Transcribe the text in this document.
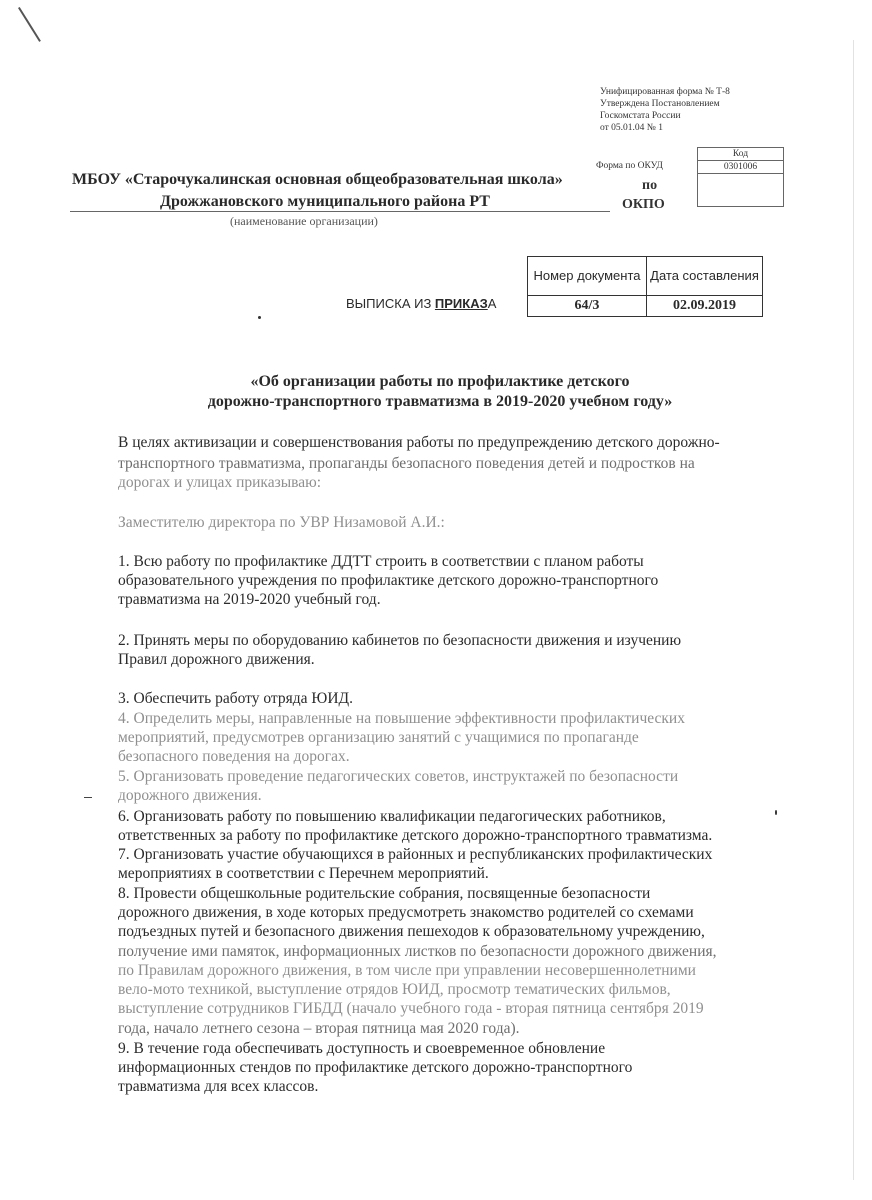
Унифицированная форма № Т-8
Утверждена Постановлением
Госкомстата России
от 05.01.04 № 1
Код
0301006
Форма по ОКУД
по
ОКПО
МБОУ «Старочукалинская основная общеобразовательная школа»
Дрожжановского муниципального района РТ
(наименование организации)
Номер документа	Дата составления
64/3	02.09.2019
ВЫПИСКА ИЗ ПРИКАЗА
«Об организации работы по профилактике детского
дорожно-транспортного травматизма в 2019-2020 учебном году»
В целях активизации и совершенствования работы по предупреждению детского дорожно-
транспортного травматизма, пропаганды безопасного поведения детей и подростков на
дорогах и улицах приказываю:
Заместителю директора по УВР Низамовой А.И.:
1. Всю работу по профилактике ДДТТ строить в соответствии с планом работы
образовательного учреждения по профилактике детского дорожно-транспортного
травматизма на 2019-2020 учебный год.
2. Принять меры по оборудованию кабинетов по безопасности движения и изучению
Правил дорожного движения.
3. Обеспечить работу отряда ЮИД.
4. Определить меры, направленные на повышение эффективности профилактических
мероприятий, предусмотрев организацию занятий с учащимися по пропаганде
безопасного поведения на дорогах.
5. Организовать проведение педагогических советов, инструктажей по безопасности
дорожного движения.
6. Организовать работу по повышению квалификации педагогических работников,
ответственных за работу по профилактике детского дорожно-транспортного травматизма.
7. Организовать участие обучающихся в районных и республиканских профилактических
мероприятиях в соответствии с Перечнем мероприятий.
8. Провести общешкольные родительские собрания, посвященные безопасности
дорожного движения, в ходе которых предусмотреть знакомство родителей со схемами
подъездных путей и безопасного движения пешеходов к образовательному учреждению,
получение ими памяток, информационных листков по безопасности дорожного движения,
по Правилам дорожного движения, в том числе при управлении несовершеннолетними
вело-мото техникой, выступление отрядов ЮИД, просмотр тематических фильмов,
выступление сотрудников ГИБДД (начало учебного года - вторая пятница сентября 2019
года, начало летнего сезона – вторая пятница мая 2020 года).
9. В течение года обеспечивать доступность и своевременное обновление
информационных стендов по профилактике детского дорожно-транспортного
травматизма для всех классов.
